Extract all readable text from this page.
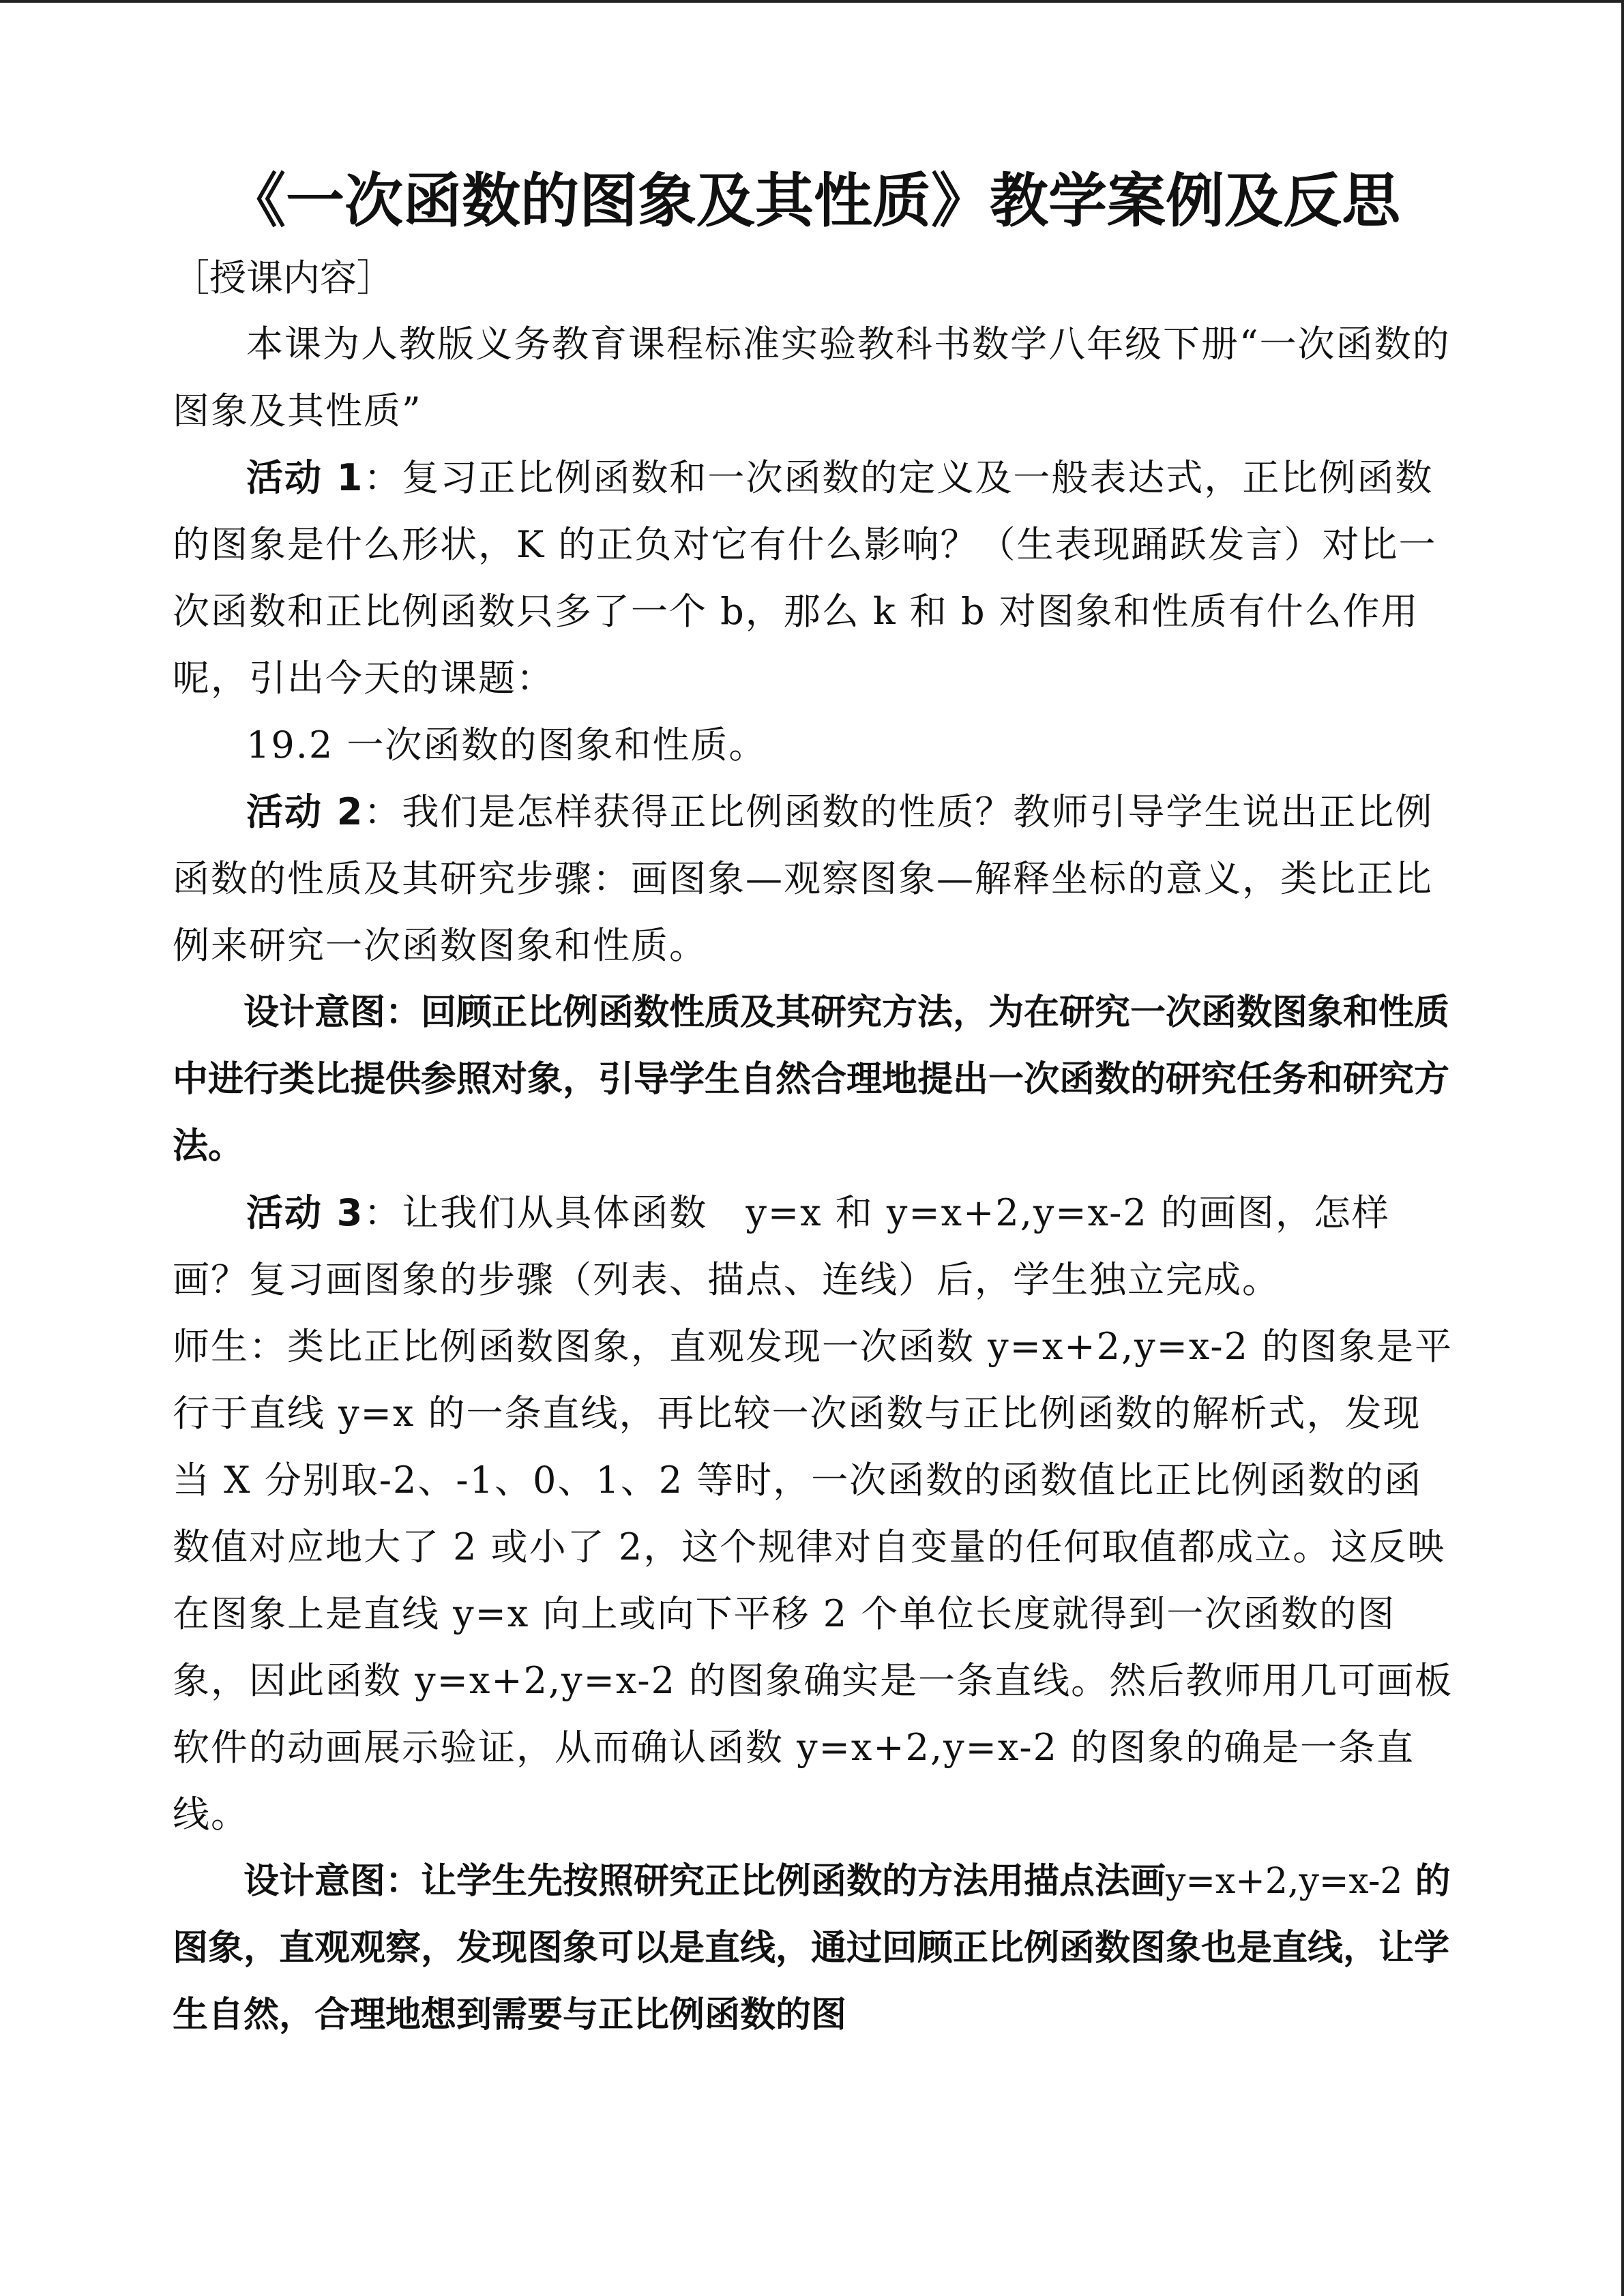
《一次函数的图象及其性质》教学案例及反思

［授课内容］

本课为人教版义务教育课程标准实验教科书数学八年级下册“一次函数的图象及其性质”

活动 1：复习正比例函数和一次函数的定义及一般表达式，正比例函数的图象是什么形状，K 的正负对它有什么影响？（生表现踊跃发言）对比一次函数和正比例函数只多了一个 b，那么 k 和 b 对图象和性质有什么作用呢，引出今天的课题：

19.2 一次函数的图象和性质。

活动 2：我们是怎样获得正比例函数的性质？教师引导学生说出正比例函数的性质及其研究步骤：画图象—观察图象—解释坐标的意义，类比正比例来研究一次函数图象和性质。

设计意图：回顾正比例函数性质及其研究方法，为在研究一次函数图象和性质中进行类比提供参照对象，引导学生自然合理地提出一次函数的研究任务和研究方法。

活动 3：让我们从具体函数　y=x 和 y=x+2,y=x-2 的画图，怎样画？复习画图象的步骤（列表、描点、连线）后，学生独立完成。

师生：类比正比例函数图象，直观发现一次函数 y=x+2,y=x-2 的图象是平行于直线 y=x 的一条直线，再比较一次函数与正比例函数的解析式，发现当 X 分别取-2、-1、0、1、2 等时，一次函数的函数值比正比例函数的函数值对应地大了 2 或小了 2，这个规律对自变量的任何取值都成立。这反映在图象上是直线 y=x 向上或向下平移 2 个单位长度就得到一次函数的图象，因此函数 y=x+2,y=x-2 的图象确实是一条直线。然后教师用几可画板软件的动画展示验证，从而确认函数 y=x+2,y=x-2 的图象的确是一条直线。

设计意图：让学生先按照研究正比例函数的方法用描点法画y=x+2,y=x-2 的图象，直观观察，发现图象可以是直线，通过回顾正比例函数图象也是直线，让学生自然，合理地想到需要与正比例函数的图
